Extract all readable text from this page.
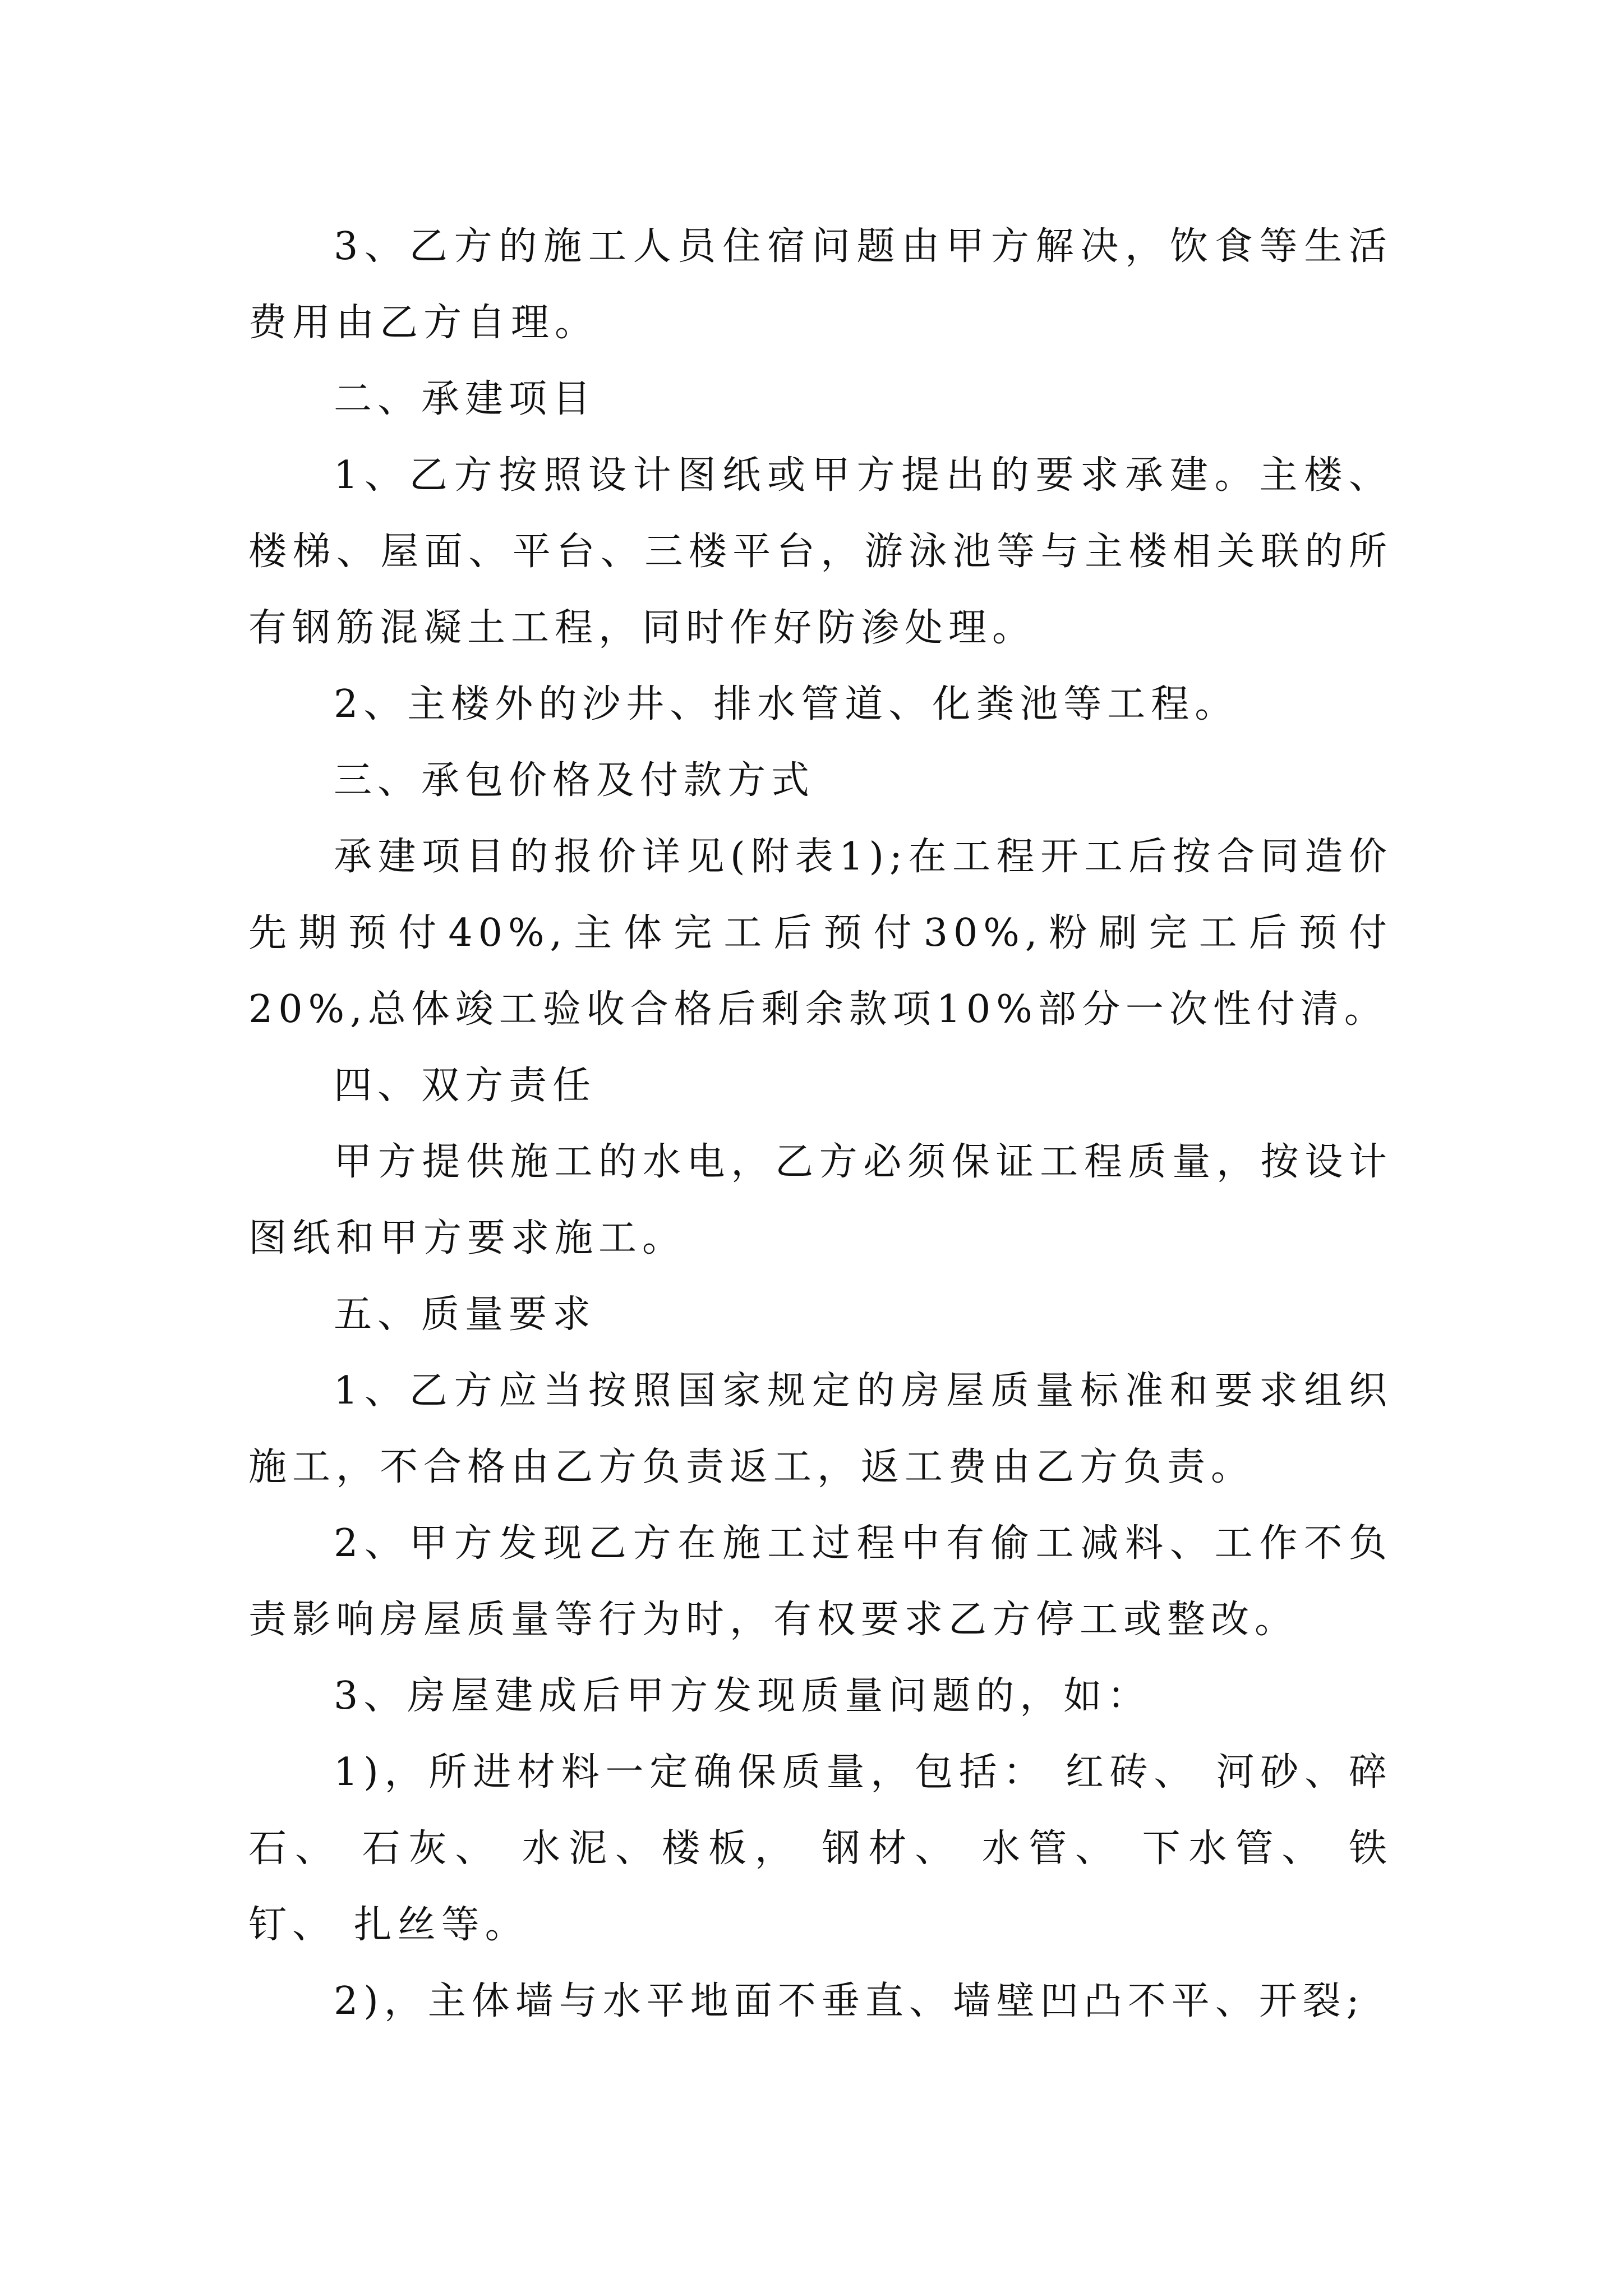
3、乙方的施工人员住宿问题由甲方解决，饮食等生活费用由乙方自理。

二、承建项目

1、乙方按照设计图纸或甲方提出的要求承建。主楼、楼梯、屋面、平台、三楼平台，游泳池等与主楼相关联的所有钢筋混凝土工程，同时作好防渗处理。

2、主楼外的沙井、排水管道、化粪池等工程。

三、承包价格及付款方式

承建项目的报价详见(附表1);在工程开工后按合同造价先期预付40%,主体完工后预付30%,粉刷完工后预付20%,总体竣工验收合格后剩余款项10%部分一次性付清。

四、双方责任

甲方提供施工的水电，乙方必须保证工程质量，按设计图纸和甲方要求施工。

五、质量要求

1、乙方应当按照国家规定的房屋质量标准和要求组织施工，不合格由乙方负责返工，返工费由乙方负责。

2、甲方发现乙方在施工过程中有偷工减料、工作不负责影响房屋质量等行为时，有权要求乙方停工或整改。

3、房屋建成后甲方发现质量问题的，如：

1)，所进材料一定确保质量，包括： 红砖、 河砂、碎石、 石灰、 水泥、楼板， 钢材、 水管、 下水管、 铁钉、 扎丝等。

2)，主体墙与水平地面不垂直、墙壁凹凸不平、开裂;
